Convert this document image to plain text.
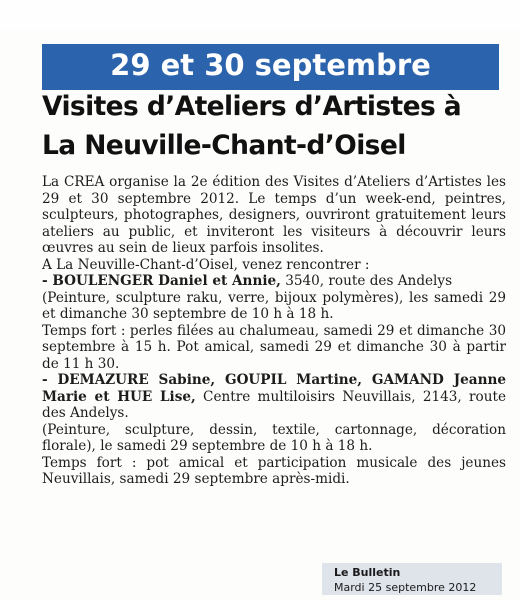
29 et 30 septembre
Visites d’Ateliers d’Artistes à
La Neuville-Chant-d’Oisel

La CREA organise la 2e édition des Visites d’Ateliers d’Artistes les 29 et 30 septembre 2012. Le temps d’un week-end, peintres, sculpteurs, photographes, designers, ouvriront gratuitement leurs ateliers au public, et inviteront les visiteurs à découvrir leurs œuvres au sein de lieux parfois insolites.

A La Neuville-Chant-d’Oisel, venez rencontrer :

- BOULENGER Daniel et Annie, 3540, route des Andelys

(Peinture, sculpture raku, verre, bijoux polymères), les samedi 29 et dimanche 30 septembre de 10 h à 18 h.

Temps fort : perles filées au chalumeau, samedi 29 et dimanche 30 septembre à 15 h. Pot amical, samedi 29 et dimanche 30 à partir de 11 h 30.

- DEMAZURE Sabine, GOUPIL Martine, GAMAND Jeanne Marie et HUE Lise, Centre multiloisirs Neuvillais, 2143, route des Andelys.

(Peinture, sculpture, dessin, textile, cartonnage, décoration florale), le samedi 29 septembre de 10 h à 18 h.

Temps fort : pot amical et participation musicale des jeunes Neuvillais, samedi 29 septembre après-midi.

Le Bulletin
Mardi 25 septembre 2012
